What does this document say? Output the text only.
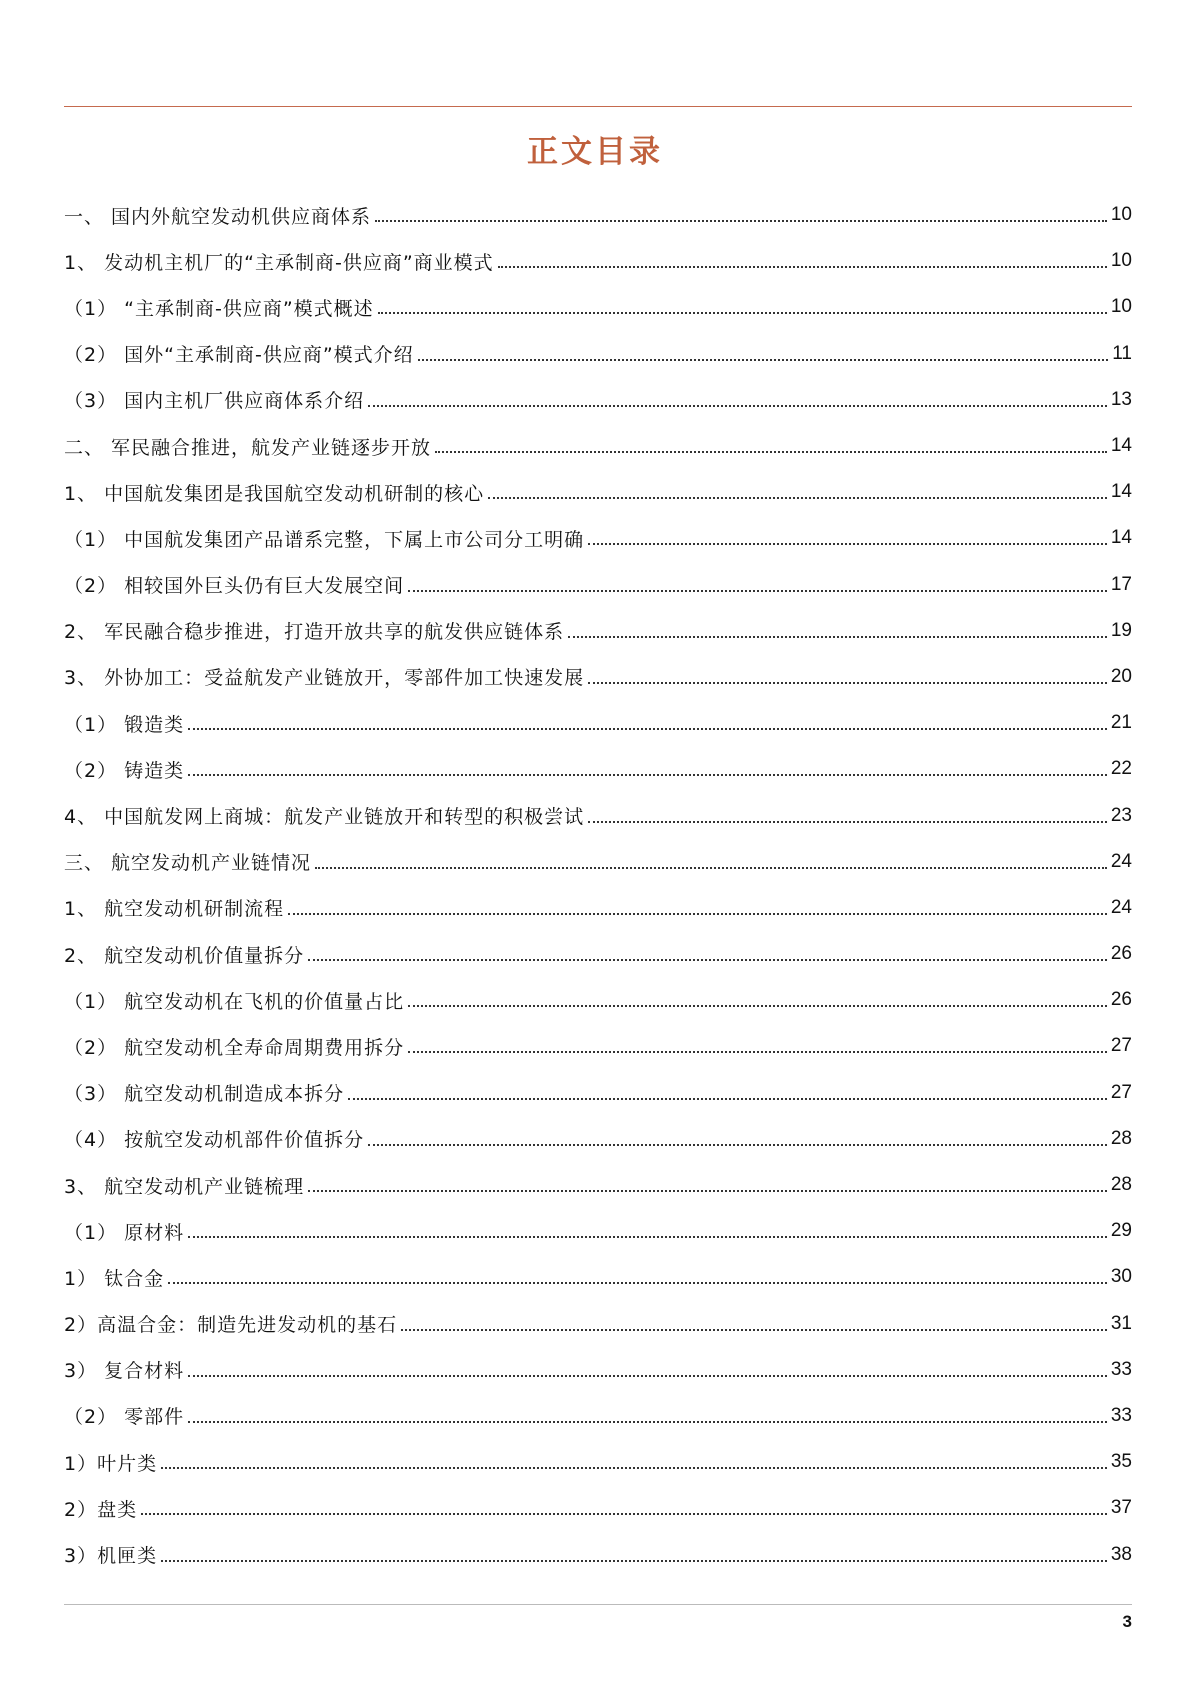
正文目录
一、 国内外航空发动机供应商体系	10
1、 发动机主机厂的“主承制商-供应商”商业模式	10
（1） “主承制商-供应商”模式概述	10
（2） 国外“主承制商-供应商”模式介绍	11
（3） 国内主机厂供应商体系介绍	13
二、 军民融合推进，航发产业链逐步开放	14
1、 中国航发集团是我国航空发动机研制的核心	14
（1） 中国航发集团产品谱系完整，下属上市公司分工明确	14
（2） 相较国外巨头仍有巨大发展空间	17
2、 军民融合稳步推进，打造开放共享的航发供应链体系	19
3、 外协加工：受益航发产业链放开，零部件加工快速发展	20
（1） 锻造类	21
（2） 铸造类	22
4、 中国航发网上商城：航发产业链放开和转型的积极尝试	23
三、 航空发动机产业链情况	24
1、 航空发动机研制流程	24
2、 航空发动机价值量拆分	26
（1） 航空发动机在飞机的价值量占比	26
（2） 航空发动机全寿命周期费用拆分	27
（3） 航空发动机制造成本拆分	27
（4） 按航空发动机部件价值拆分	28
3、 航空发动机产业链梳理	28
（1） 原材料	29
1） 钛合金	30
2）高温合金：制造先进发动机的基石	31
3） 复合材料	33
（2） 零部件	33
1）叶片类	35
2）盘类	37
3）机匣类	38
3
